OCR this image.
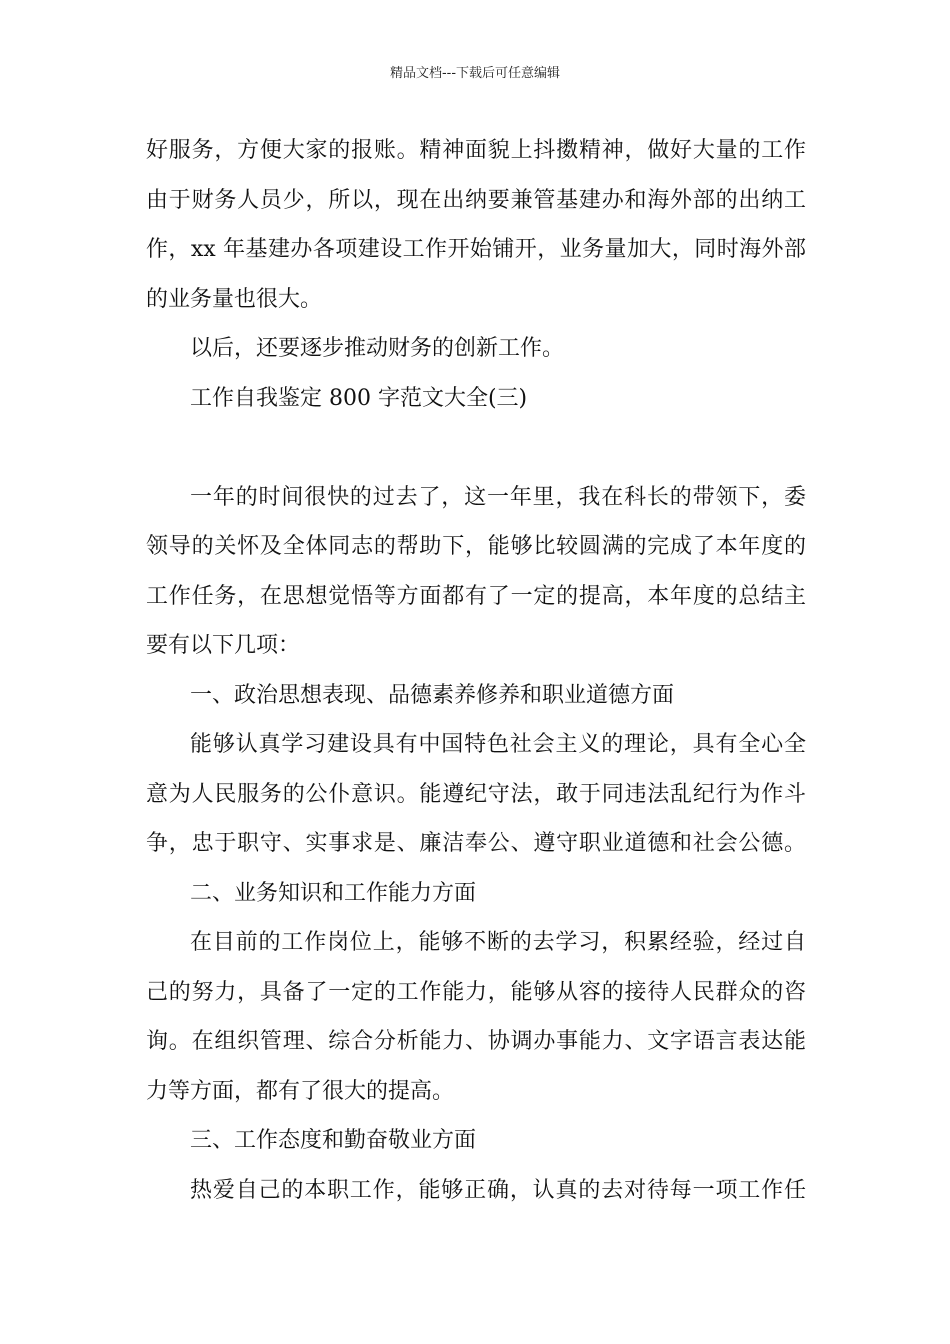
精品文档---下载后可任意编辑
好服务，方便大家的报账。精神面貌上抖擞精神，做好大量的工作
由于财务人员少，所以，现在出纳要兼管基建办和海外部的出纳工
作，xx 年基建办各项建设工作开始铺开，业务量加大，同时海外部
的业务量也很大。
以后，还要逐步推动财务的创新工作。
工作自我鉴定 800 字范文大全(三)
一年的时间很快的过去了，这一年里，我在科长的带领下，委
领导的关怀及全体同志的帮助下，能够比较圆满的完成了本年度的
工作任务，在思想觉悟等方面都有了一定的提高，本年度的总结主
要有以下几项：
一、政治思想表现、品德素养修养和职业道德方面
能够认真学习建设具有中国特色社会主义的理论，具有全心全
意为人民服务的公仆意识。能遵纪守法，敢于同违法乱纪行为作斗
争，忠于职守、实事求是、廉洁奉公、遵守职业道德和社会公德。
二、业务知识和工作能力方面
在目前的工作岗位上，能够不断的去学习，积累经验，经过自
己的努力，具备了一定的工作能力，能够从容的接待人民群众的咨
询。在组织管理、综合分析能力、协调办事能力、文字语言表达能
力等方面，都有了很大的提高。
三、工作态度和勤奋敬业方面
热爱自己的本职工作，能够正确，认真的去对待每一项工作任
